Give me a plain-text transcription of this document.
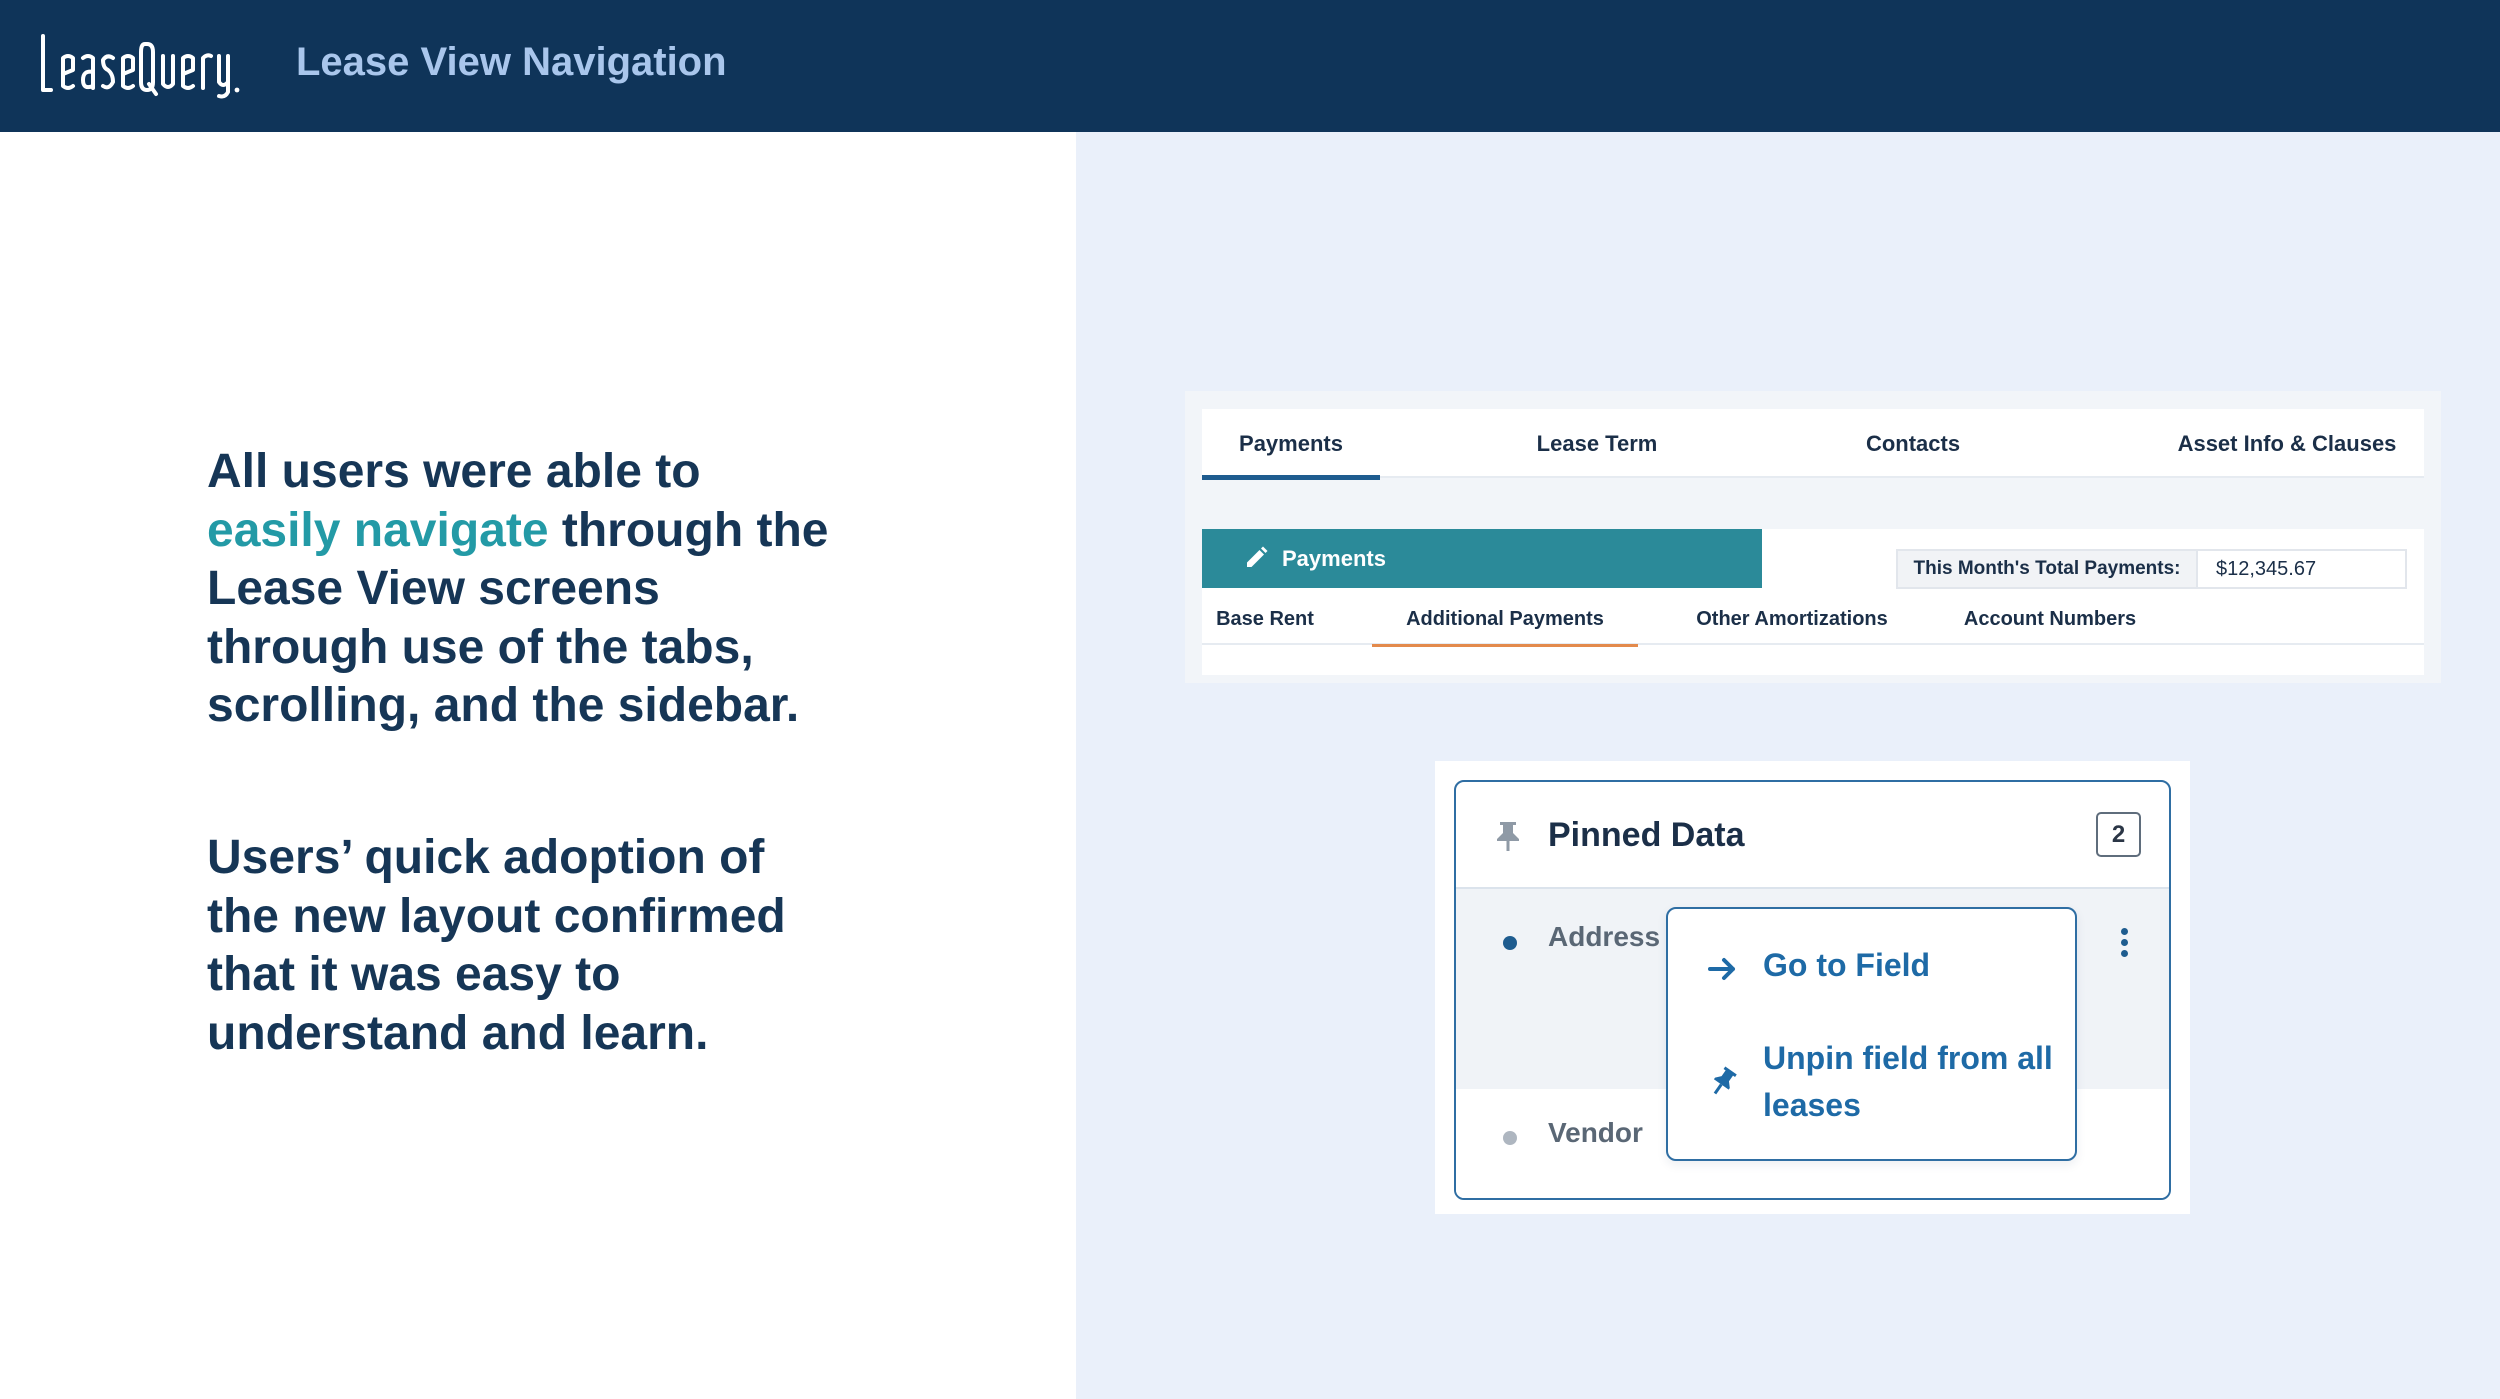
Lease View Navigation

All users were able to easily navigate through the Lease View screens through use of the tabs, scrolling, and the sidebar.

Users’ quick adoption of the new layout confirmed that it was easy to understand and learn.

Payments	Lease Term	Contacts	Asset Info & Clauses
Payments	This Month's Total Payments:	$12,345.67
Base Rent	Additional Payments	Other Amortizations	Account Numbers
Pinned Data	2
Address
Vendor
Go to Field
Unpin field from all leases
